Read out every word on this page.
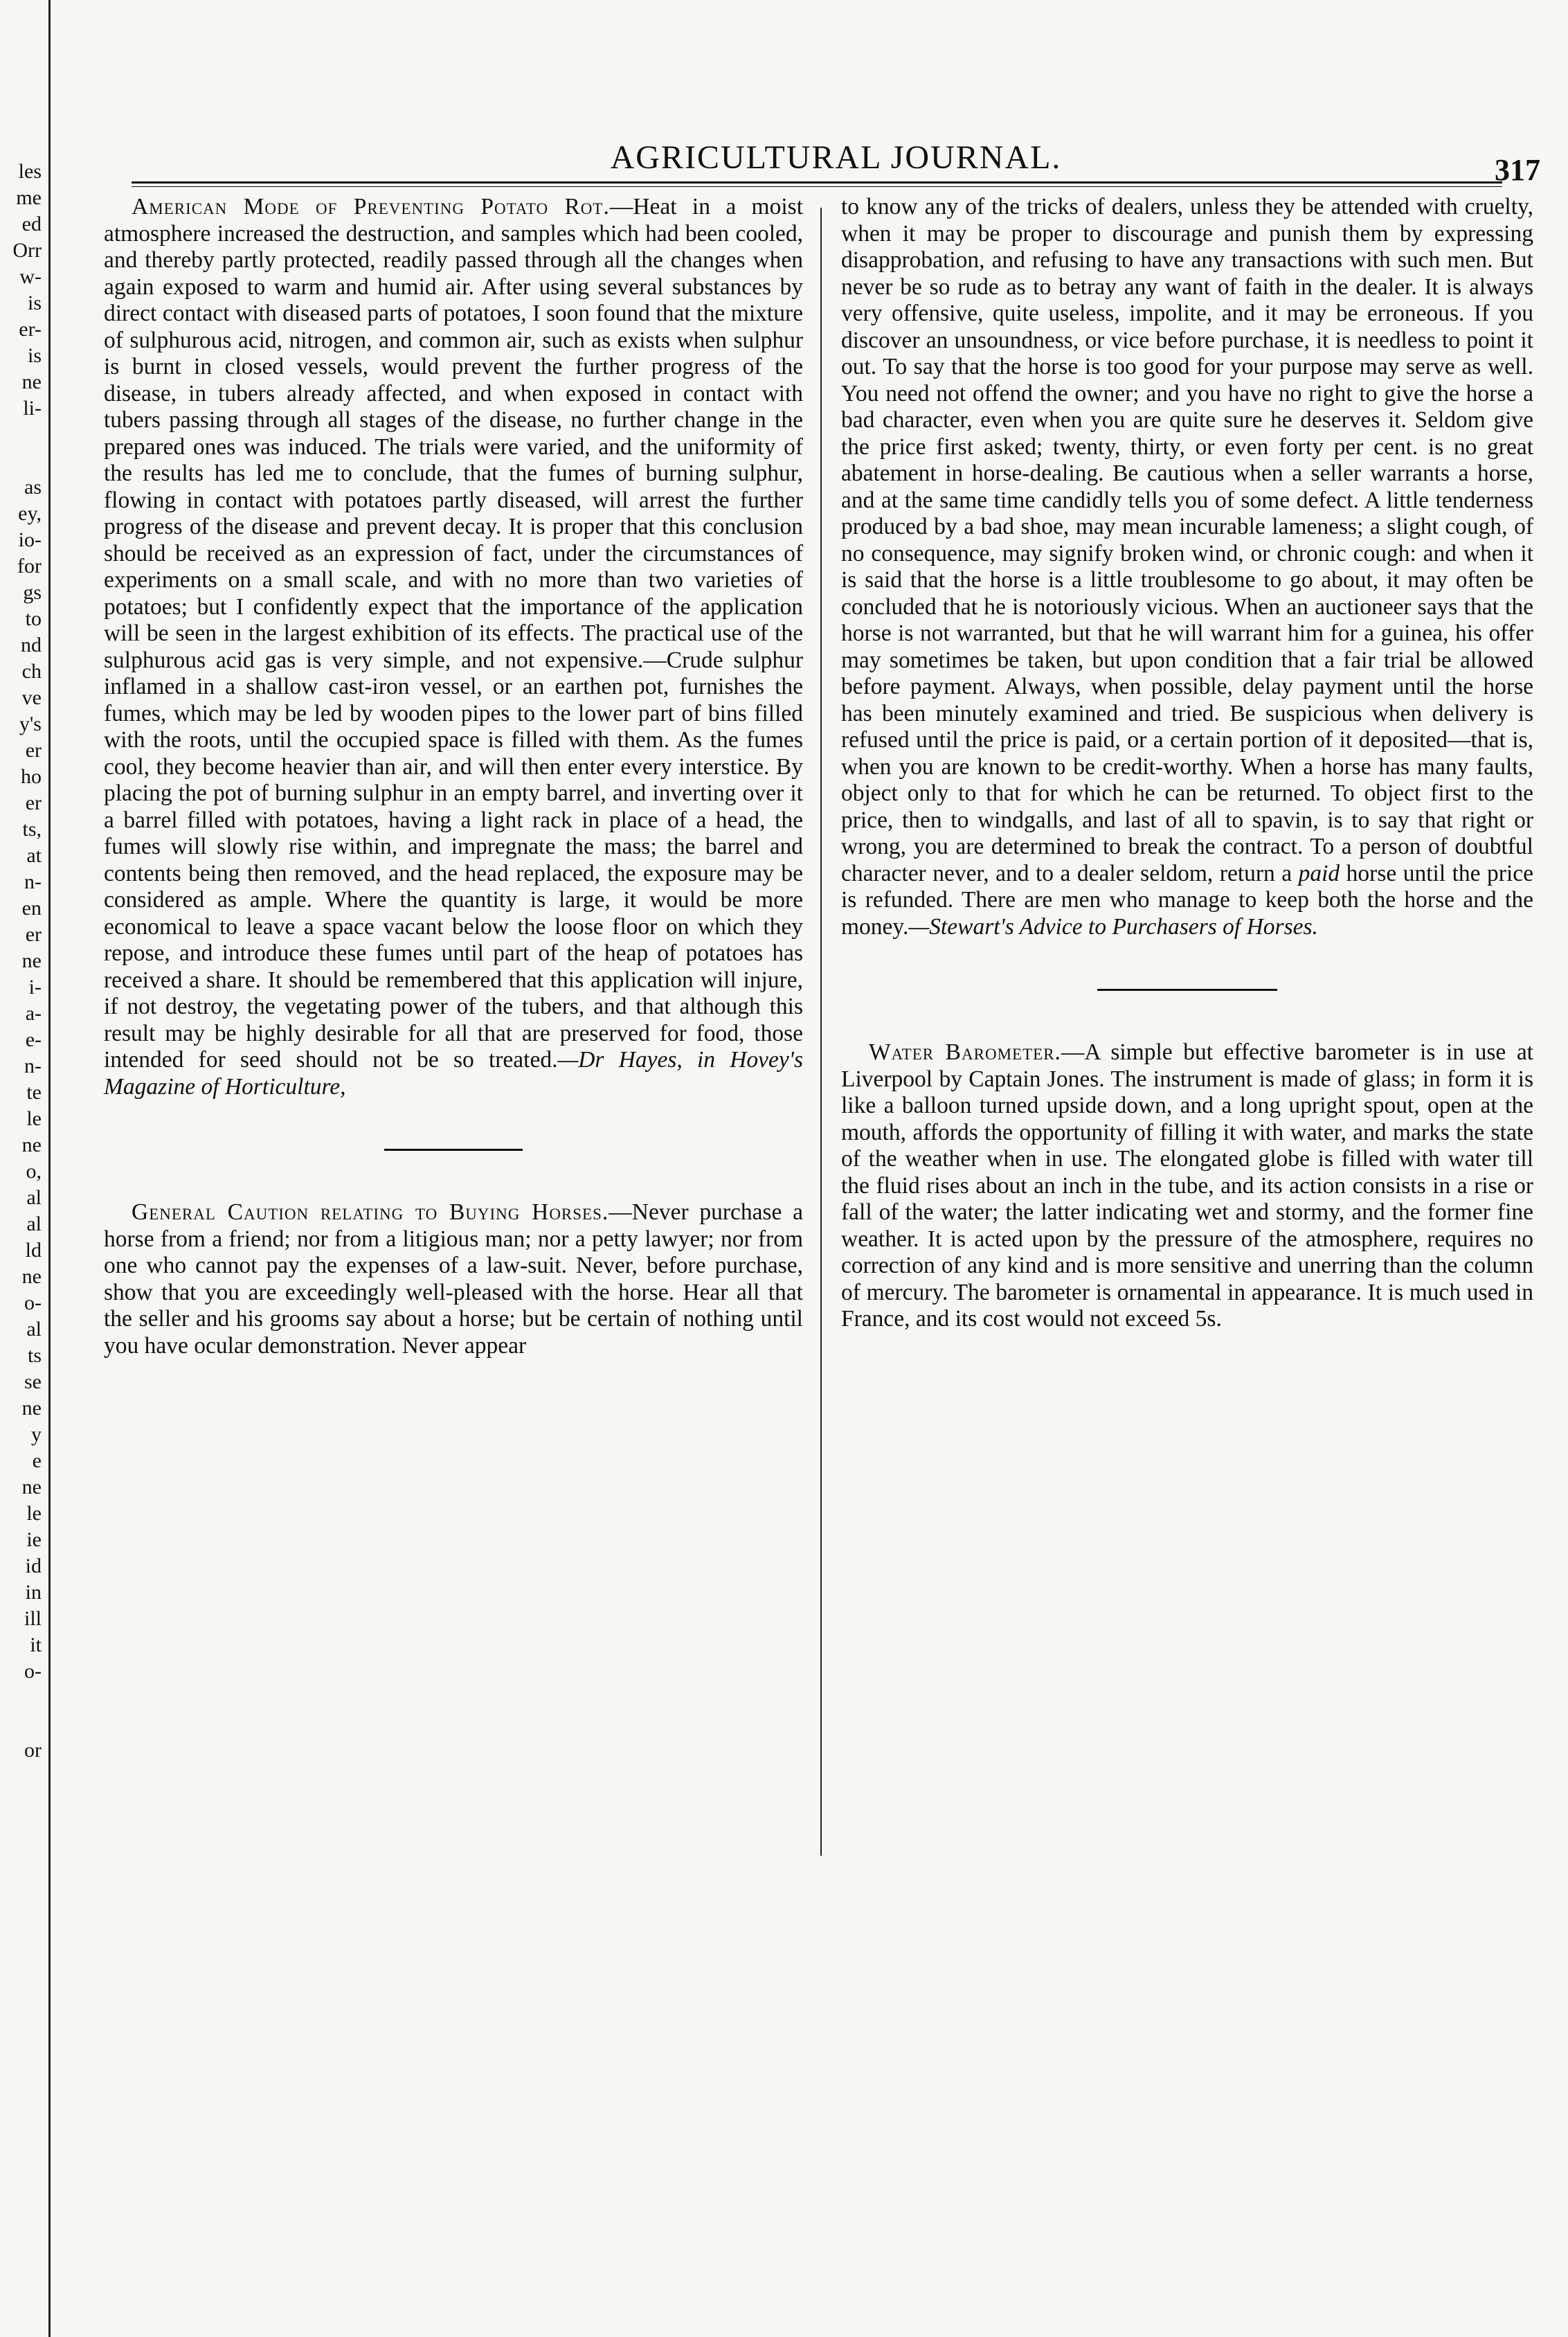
les
me
ed
Orr
w-
is
er-
is
ne
li-
as
ey,
io-
for
gs
to
nd
ch
ve
y's
er
ho
er
ts,
at
n-
en
er
ne
i-
a-
e-
n-
te
le
ne
o,
al
al
ld
ne
o-
al
ts
se
ne
y
e
ne
le
ie
id
in
ill
it
o-
or
AGRICULTURAL JOURNAL.	317

American Mode of Preventing Potato Rot.—Heat in a moist atmosphere increased the destruction, and samples which had been cooled, and thereby partly protected, readily passed through all the changes when again exposed to warm and humid air. After using several substances by direct contact with diseased parts of potatoes, I soon found that the mixture of sulphurous acid, nitrogen, and common air, such as exists when sulphur is burnt in closed vessels, would prevent the further progress of the disease, in tubers already affected, and when exposed in contact with tubers passing through all stages of the disease, no further change in the prepared ones was induced. The trials were varied, and the uniformity of the results has led me to conclude, that the fumes of burning sulphur, flowing in contact with potatoes partly diseased, will arrest the further progress of the disease and prevent decay. It is proper that this conclusion should be received as an expression of fact, under the circumstances of experiments on a small scale, and with no more than two varieties of potatoes; but I confidently expect that the importance of the application will be seen in the largest exhibition of its effects. The practical use of the sulphurous acid gas is very simple, and not expensive.—Crude sulphur inflamed in a shallow cast-iron vessel, or an earthen pot, furnishes the fumes, which may be led by wooden pipes to the lower part of bins filled with the roots, until the occupied space is filled with them. As the fumes cool, they become heavier than air, and will then enter every interstice. By placing the pot of burning sulphur in an empty barrel, and inverting over it a barrel filled with potatoes, having a light rack in place of a head, the fumes will slowly rise within, and impregnate the mass; the barrel and contents being then removed, and the head replaced, the exposure may be considered as ample. Where the quantity is large, it would be more economical to leave a space vacant below the loose floor on which they repose, and introduce these fumes until part of the heap of potatoes has received a share. It should be remembered that this application will injure, if not destroy, the vegetating power of the tubers, and that although this result may be highly desirable for all that are preserved for food, those intended for seed should not be so treated.—Dr Hayes, in Hovey's Magazine of Horticulture,

General Caution relating to Buying Horses.—Never purchase a horse from a friend; nor from a litigious man; nor a petty lawyer; nor from one who cannot pay the expenses of a law-suit. Never, before purchase, show that you are exceedingly well-pleased with the horse. Hear all that the seller and his grooms say about a horse; but be certain of nothing until you have ocular demonstration. Never appear

to know any of the tricks of dealers, unless they be attended with cruelty, when it may be proper to discourage and punish them by expressing disapprobation, and refusing to have any transactions with such men. But never be so rude as to betray any want of faith in the dealer. It is always very offensive, quite useless, impolite, and it may be erroneous. If you discover an unsoundness, or vice before purchase, it is needless to point it out. To say that the horse is too good for your purpose may serve as well. You need not offend the owner; and you have no right to give the horse a bad character, even when you are quite sure he deserves it. Seldom give the price first asked; twenty, thirty, or even forty per cent. is no great abatement in horse-dealing. Be cautious when a seller warrants a horse, and at the same time candidly tells you of some defect. A little tenderness produced by a bad shoe, may mean incurable lameness; a slight cough, of no consequence, may signify broken wind, or chronic cough: and when it is said that the horse is a little troublesome to go about, it may often be concluded that he is notoriously vicious. When an auctioneer says that the horse is not warranted, but that he will warrant him for a guinea, his offer may sometimes be taken, but upon condition that a fair trial be allowed before payment. Always, when possible, delay payment until the horse has been minutely examined and tried. Be suspicious when delivery is refused until the price is paid, or a certain portion of it deposited—that is, when you are known to be credit-worthy. When a horse has many faults, object only to that for which he can be returned. To object first to the price, then to windgalls, and last of all to spavin, is to say that right or wrong, you are determined to break the contract. To a person of doubtful character never, and to a dealer seldom, return a paid horse until the price is refunded. There are men who manage to keep both the horse and the money.—Stewart's Advice to Purchasers of Horses.

Water Barometer.—A simple but effective barometer is in use at Liverpool by Captain Jones. The instrument is made of glass; in form it is like a balloon turned upside down, and a long upright spout, open at the mouth, affords the opportunity of filling it with water, and marks the state of the weather when in use. The elongated globe is filled with water till the fluid rises about an inch in the tube, and its action consists in a rise or fall of the water; the latter indicating wet and stormy, and the former fine weather. It is acted upon by the pressure of the atmosphere, requires no correction of any kind and is more sensitive and unerring than the column of mercury. The barometer is ornamental in appearance. It is much used in France, and its cost would not exceed 5s.
